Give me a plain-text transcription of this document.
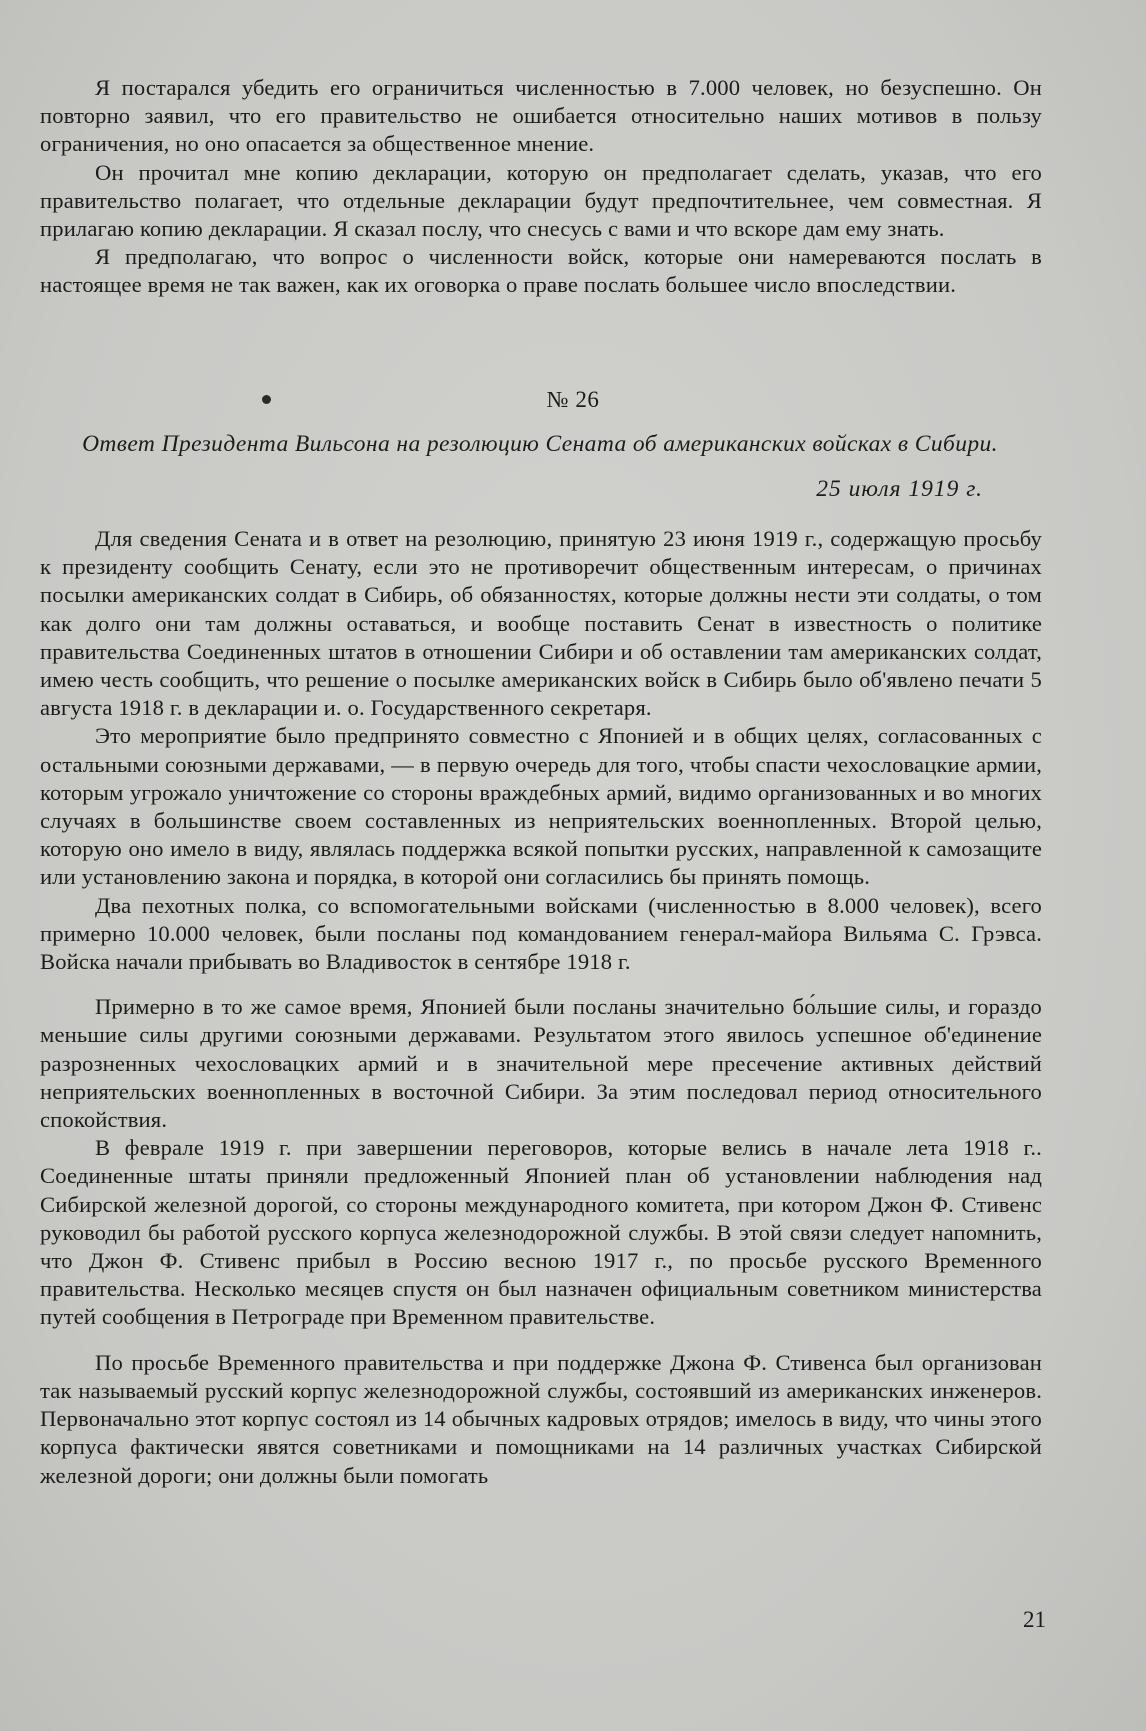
Я постарался убедить его ограничиться численностью в 7.000 человек, но безуспешно. Он повторно заявил, что его правительство не ошибается относительно наших мотивов в пользу ограничения, но оно опасается за общественное мнение.

Он прочитал мне копию декларации, которую он предполагает сделать, указав, что его правительство полагает, что отдельные декларации будут предпочтительнее, чем совместная. Я прилагаю копию декларации. Я сказал послу, что снесусь с вами и что вскоре дам ему знать.

Я предполагаю, что вопрос о численности войск, которые они намереваются послать в настоящее время не так важен, как их оговорка о праве послать большее число впоследствии.

№ 26
Ответ Президента Вильсона на резолюцию Сената об американских войсках в Сибири.
25 июля 1919 г.

Для сведения Сената и в ответ на резолюцию, принятую 23 июня 1919 г., содержащую просьбу к президенту сообщить Сенату, если это не противоречит общественным интересам, о причинах посылки американских солдат в Сибирь, об обязанностях, которые должны нести эти солдаты, о том как долго они там должны оставаться, и вообще поставить Сенат в известность о политике правительства Соединенных штатов в отношении Сибири и об оставлении там американских солдат, имею честь сообщить, что решение о посылке американских войск в Сибирь было об'явлено печати 5 августа 1918 г. в декларации и. о. Государственного секретаря.

Это мероприятие было предпринято совместно с Японией и в общих целях, согласованных с остальными союзными державами, — в первую очередь для того, чтобы спасти чехословацкие армии, которым угрожало уничтожение со стороны враждебных армий, видимо организованных и во многих случаях в большинстве своем составленных из неприятельских военнопленных. Второй целью, которую оно имело в виду, являлась поддержка всякой попытки русских, направленной к самозащите или установлению закона и порядка, в которой они согласились бы принять помощь.

Два пехотных полка, со вспомогательными войсками (численностью в 8.000 человек), всего примерно 10.000 человек, были посланы под командованием генерал-майора Вильяма С. Грэвса. Войска начали прибывать во Владивосток в сентябре 1918 г.

Примерно в то же самое время, Японией были посланы значительно бо́льшие силы, и гораздо меньшие силы другими союзными державами. Результатом этого явилось успешное об'единение разрозненных чехословацких армий и в значительной мере пресечение активных действий неприятельских военнопленных в восточной Сибири. За этим последовал период относительного спокойствия.

В феврале 1919 г. при завершении переговоров, которые велись в начале лета 1918 г.. Соединенные штаты приняли предложенный Японией план об установлении наблюдения над Сибирской железной дорогой, со стороны международного комитета, при котором Джон Ф. Стивенс руководил бы работой русского корпуса железнодорожной службы. В этой связи следует напомнить, что Джон Ф. Стивенс прибыл в Россию весною 1917 г., по просьбе русского Временного правительства. Несколько месяцев спустя он был назначен официальным советником министерства путей сообщения в Петрограде при Временном правительстве.

По просьбе Временного правительства и при поддержке Джона Ф. Стивенса был организован так называемый русский корпус железнодорожной службы, состоявший из американских инженеров. Первоначально этот корпус состоял из 14 обычных кадровых отрядов; имелось в виду, что чины этого корпуса фактически явятся советниками и помощниками на 14 различных участках Сибирской железной дороги; они должны были помогать

21
